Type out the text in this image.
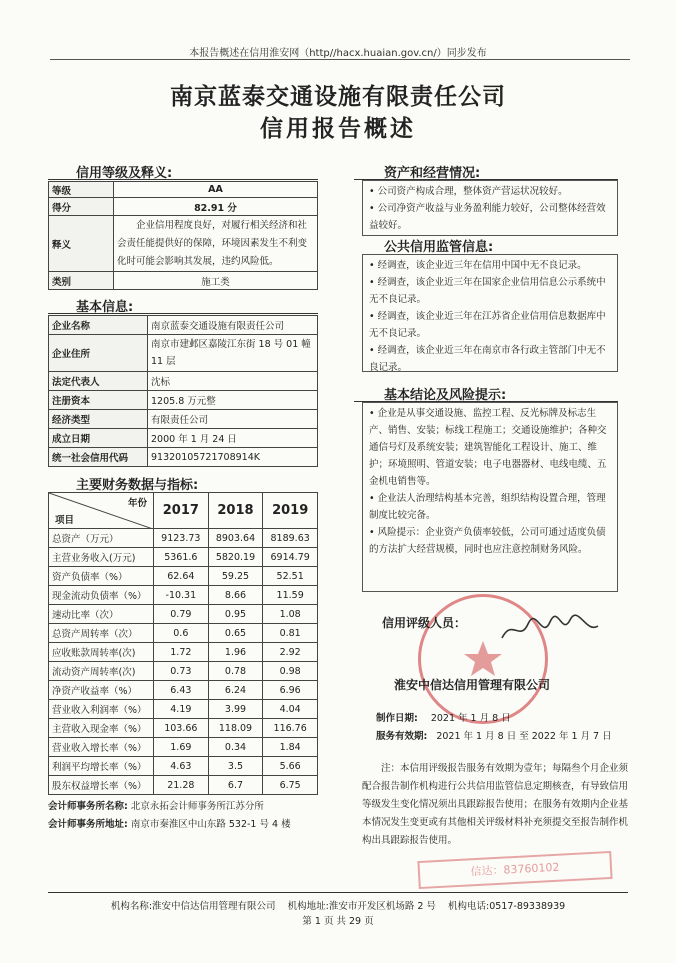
本报告概述在信用淮安网（http//hacx.huaian.gov.cn/）同步发布
南京蓝泰交通设施有限责任公司
信用报告概述
信用等级及释义:
等级	AA
得分	82.91 分
释义	企业信用程度良好，对履行相关经济和社会责任能提供好的保障，环境因素发生不利变化时可能会影响其发展，违约风险低。
类别	施工类
基本信息:
企业名称	南京蓝泰交通设施有限责任公司
企业住所	南京市建邺区嘉陵江东街 18 号 01 幢 11 层
法定代表人	沈标
注册资本	1205.8 万元整
经济类型	有限责任公司
成立日期	2000 年 1 月 24 日
统一社会信用代码	91320105721708914K
主要财务数据与指标:
年份
项目	2017	2018	2019
总资产（万元）	9123.73	8903.64	8189.63
主营业务收入(万元)	5361.6	5820.19	6914.79
资产负债率（%）	62.64	59.25	52.51
现金流动负债率（%）	-10.31	8.66	11.59
速动比率（次）	0.79	0.95	1.08
总资产周转率（次）	0.6	0.65	0.81
应收账款周转率(次)	1.72	1.96	2.92
流动资产周转率(次)	0.73	0.78	0.98
净资产收益率（%）	6.43	6.24	6.96
营业收入利润率（%）	4.19	3.99	4.04
主营收入现金率（%）	103.66	118.09	116.76
营业收入增长率（%）	1.69	0.34	1.84
利润平均增长率（%）	4.63	3.5	5.66
股东权益增长率（%）	21.28	6.7	6.75
会计师事务所名称: 北京永拓会计师事务所江苏分所
会计师事务所地址: 南京市秦淮区中山东路 532-1 号 4 楼
资产和经营情况:

• 公司资产构成合理，整体资产营运状况较好。

• 公司净资产收益与业务盈利能力较好，公司整体经营效益较好。

公共信用监管信息:

• 经调查，该企业近三年在信用中国中无不良记录。

• 经调查，该企业近三年在国家企业信用信息公示系统中无不良记录。

• 经调查，该企业近三年在江苏省企业信用信息数据库中无不良记录。

• 经调查，该企业近三年在南京市各行政主管部门中无不良记录。

基本结论及风险提示:

• 企业是从事交通设施、监控工程、反光标牌及标志生产、销售、安装；标线工程施工；交通设施维护；各种交通信号灯及系统安装；建筑智能化工程设计、施工、维护；环境照明、管道安装；电子电器器材、电线电缆、五金机电销售等。

• 企业法人治理结构基本完善，组织结构设置合理，管理制度比较完备。

• 风险提示：企业资产负债率较低，公司可通过适度负债的方法扩大经营规模，同时也应注意控制财务风险。

信用评级人员：
淮安中信达信用管理有限公司
制作日期: 2021 年 1 月 8 日
服务有效期: 2021 年 1 月 8 日 至 2022 年 1 月 7 日
注：本信用评级报告服务有效期为壹年；每隔叁个月企业须配合报告制作机构进行公共信用监管信息定期核查，有导致信用等级发生变化情况须出具跟踪报告使用；在服务有效期内企业基本情况发生变更或有其他相关评级材料补充须提交至报告制作机构出具跟踪报告使用。
信达：83760102
机构名称:淮安中信达信用管理有限公司 机构地址:淮安市开发区机场路 2 号 机构电话:0517-89338939
第 1 页 共 29 页
